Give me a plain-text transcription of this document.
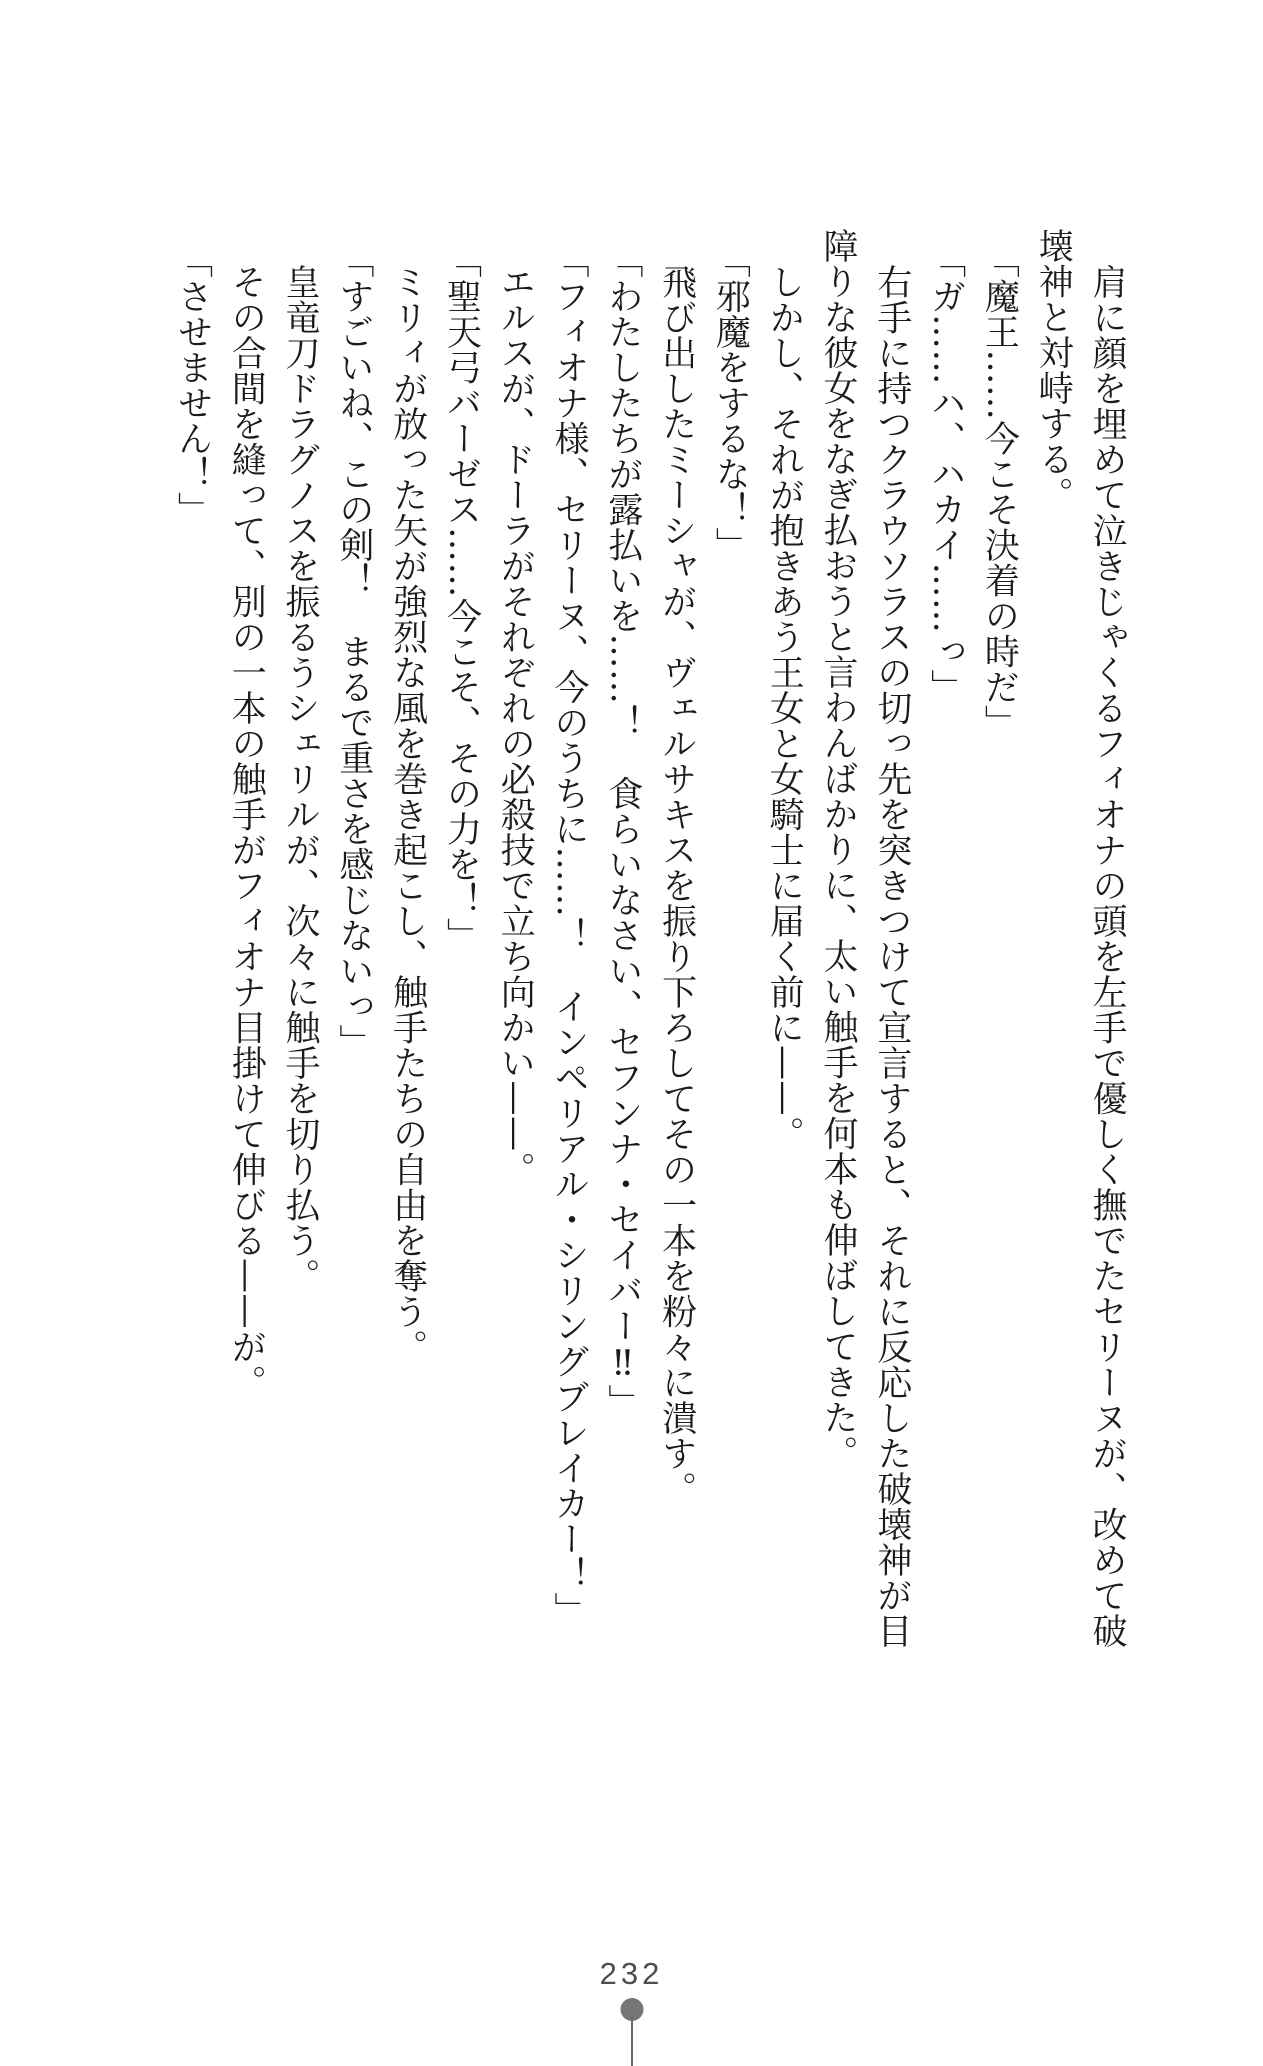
肩に顔を埋めて泣きじゃくるフィオナの頭を左手で優しく撫でたセリーヌが、改めて破

壊神と対峙する。

「魔王……今こそ決着の時だ」

「ガ……ハ、ハカイ……っ」

右手に持つクラウソラスの切っ先を突きつけて宣言すると、それに反応した破壊神が目

障りな彼女をなぎ払おうと言わんばかりに、太い触手を何本も伸ばしてきた。

しかし、それが抱きあう王女と女騎士に届く前に——。

「邪魔をするな！」

飛び出したミーシャが、ヴェルサキスを振り下ろしてその一本を粉々に潰す。

「わたしたちが露払いを……！　食らいなさい、セフンナ・セイバー‼」

「フィオナ様、セリーヌ、今のうちに……！　インペリアル・シリングブレイカー！」

エルスが、ドーラがそれぞれの必殺技で立ち向かい——。

「聖天弓バーゼス……今こそ、その力を！」

ミリィが放った矢が強烈な風を巻き起こし、触手たちの自由を奪う。

「すごいね、この剣！　まるで重さを感じないっ」

皇竜刀ドラグノスを振るうシェリルが、次々に触手を切り払う。

その合間を縫って、別の一本の触手がフィオナ目掛けて伸びる——が。

「させません！」

232
